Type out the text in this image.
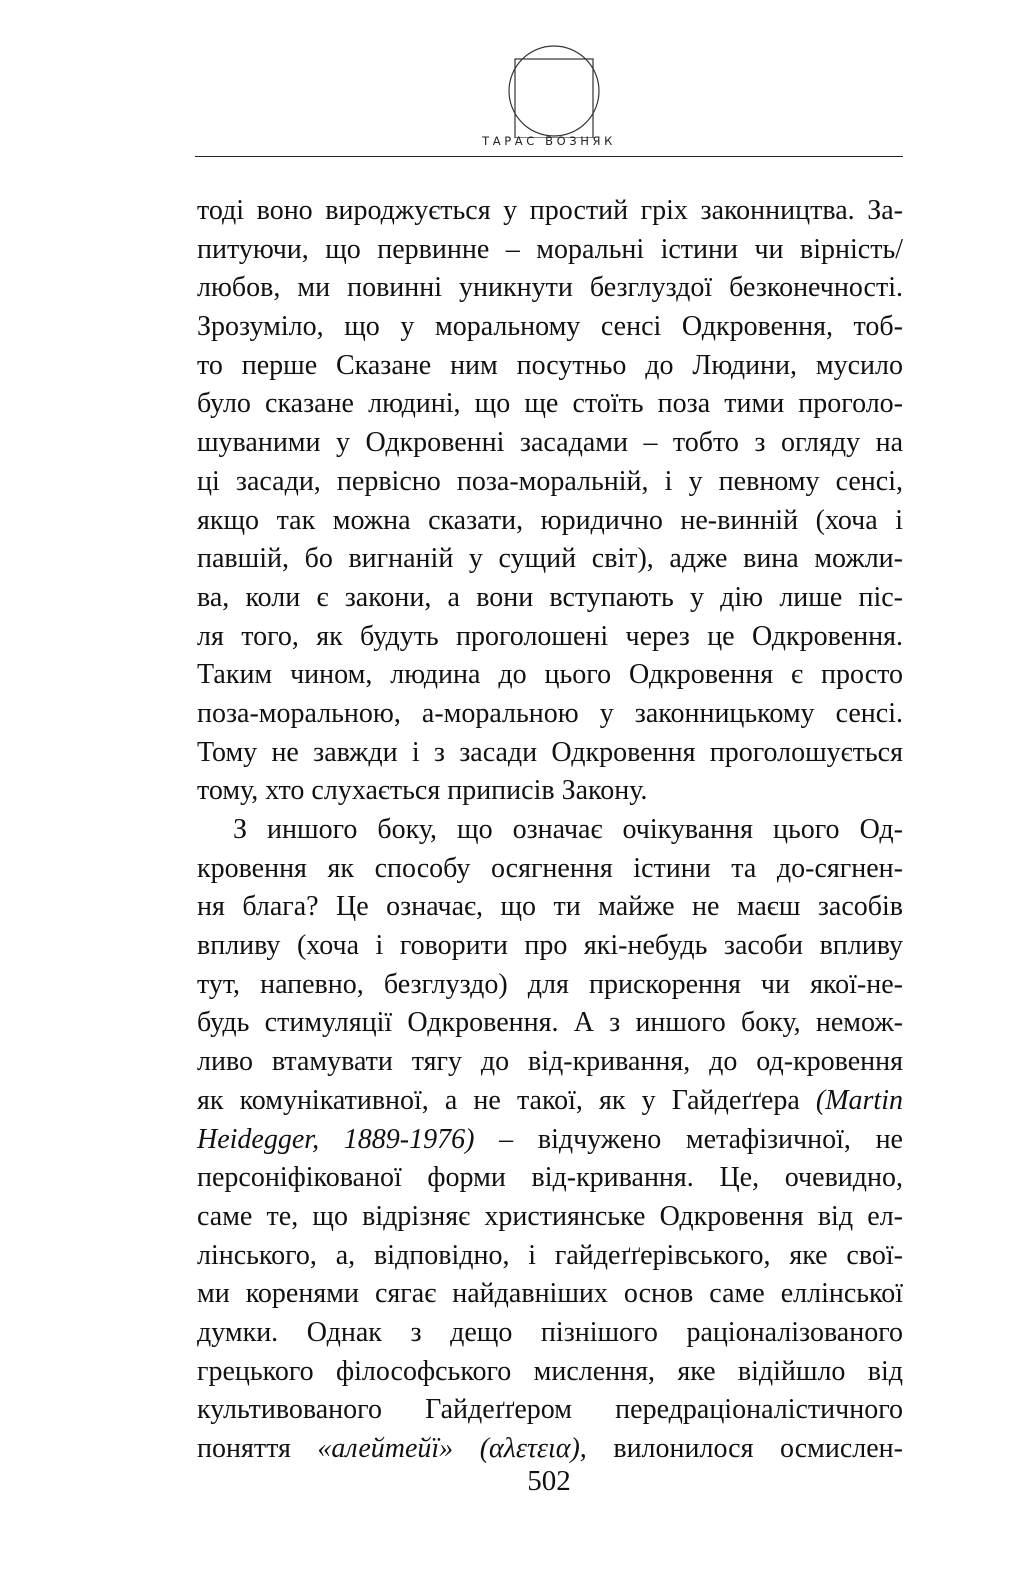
ТАРАС ВОЗНЯК
тоді воно вироджується у простий гріх законництва. За-
питуючи, що первинне – моральні істини чи вірність/
любов, ми повинні уникнути безглуздої безконечності.
Зрозуміло, що у моральному сенсі Одкровення, тоб-
то перше Сказане ним посутньо до Людини, мусило
було сказане людині, що ще стоїть поза тими проголо-
шуваними у Одкровенні засадами – тобто з огляду на
ці засади, первісно поза-моральній, і у певному сенсі,
якщо так можна сказати, юридично не-винній (хоча і
павшій, бо вигнаній у сущий світ), адже вина можли-
ва, коли є закони, а вони вступають у дію лише піс-
ля того, як будуть проголошені через це Одкровення.
Таким чином, людина до цього Одкровення є просто
поза-моральною, а-моральною у законницькому сенсі.
Тому не завжди і з засади Одкровення проголошується
тому, хто слухається приписів Закону.
З иншого боку, що означає очікування цього Од-
кровення як способу осягнення істини та до-сягнен-
ня блага? Це означає, що ти майже не маєш засобів
впливу (хоча і говорити про які-небудь засоби впливу
тут, напевно, безглуздо) для прискорення чи якої-не-
будь стимуляції Одкровення. А з иншого боку, немож-
ливо втамувати тягу до від-кривання, до од-кровення
як комунікативної, а не такої, як у Гайдеґґера (Martin
Heidegger, 1889-1976) – відчужено метафізичної, не
персоніфікованої форми від-кривання. Це, очевидно,
саме те, що відрізняє християнське Одкровення від ел-
лінського, а, відповідно, і гайдеґґерівського, яке свої-
ми коренями сягає найдавніших основ саме еллінської
думки. Однак з дещо пізнішого раціоналізованого
грецького філософського мислення, яке відійшло від
культивованого Гайдеґґером передраціоналістичного
поняття «алейтейї» (αλετεια), вилонилося осмислен-
502
